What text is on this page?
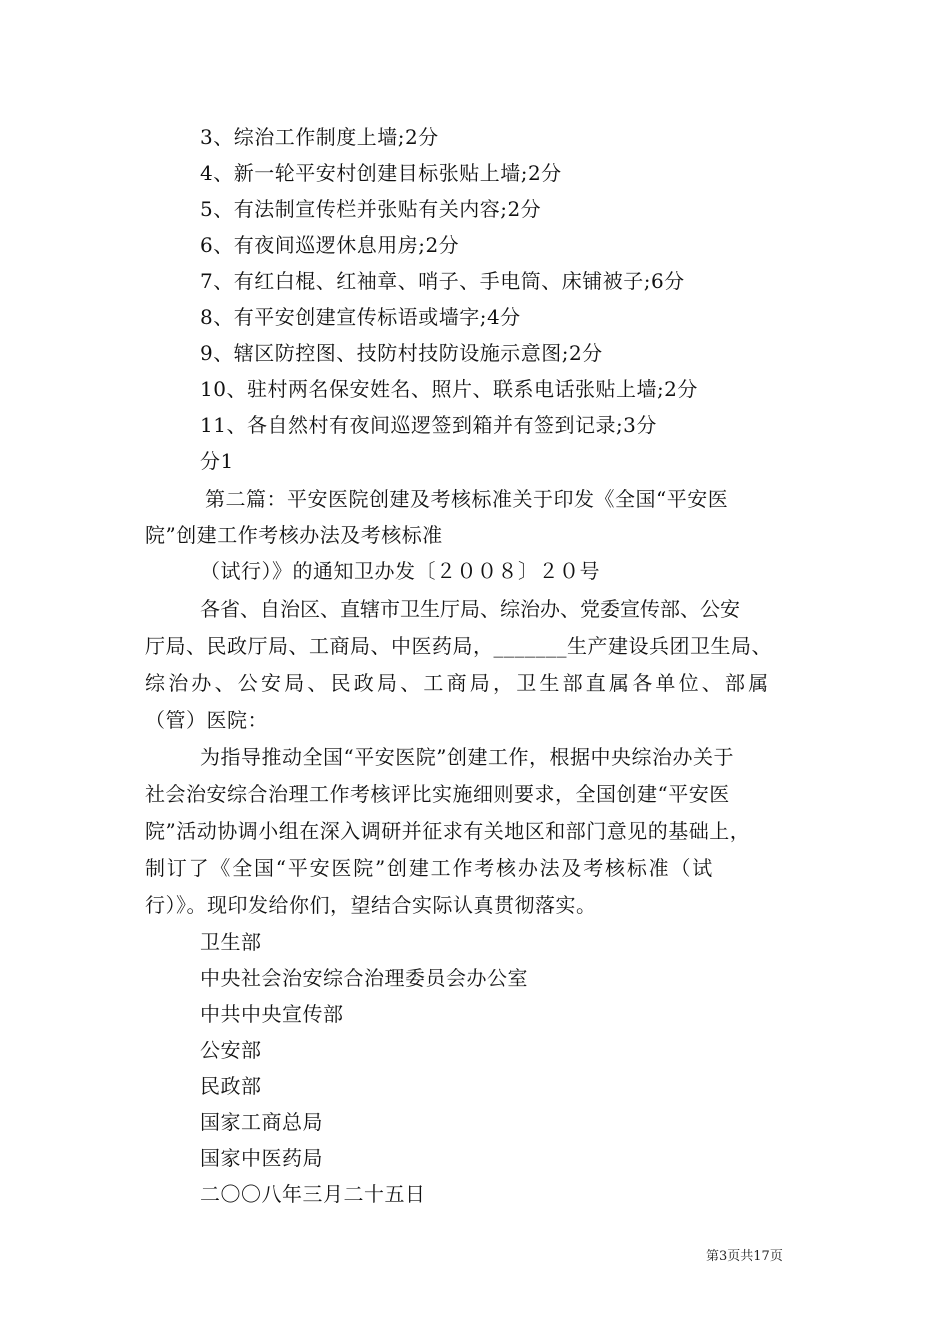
3、综治工作制度上墙;2分
4、新一轮平安村创建目标张贴上墙;2分
5、有法制宣传栏并张贴有关内容;2分
6、有夜间巡逻休息用房;2分
7、有红白棍、红袖章、哨子、手电筒、床铺被子;6分
8、有平安创建宣传标语或墙字;4分
9、辖区防控图、技防村技防设施示意图;2分
10、驻村两名保安姓名、照片、联系电话张贴上墙;2分
11、各自然村有夜间巡逻签到箱并有签到记录;3分
分1
第二篇：平安医院创建及考核标准关于印发《全国“平安医
院”创建工作考核办法及考核标准
（试行）》的通知卫办发〔２００８〕２０号
各省、自治区、直辖市卫生厅局、综治办、党委宣传部、公安
厅局、民政厅局、工商局、中医药局，_______生产建设兵团卫生局、
综治办、公安局、民政局、工商局，卫生部直属各单位、部属
（管）医院：
为指导推动全国“平安医院”创建工作，根据中央综治办关于
社会治安综合治理工作考核评比实施细则要求，全国创建“平安医
院”活动协调小组在深入调研并征求有关地区和部门意见的基础上，
制订了《全国“平安医院”创建工作考核办法及考核标准（试
行）》。现印发给你们，望结合实际认真贯彻落实。
卫生部
中央社会治安综合治理委员会办公室
中共中央宣传部
公安部
民政部
国家工商总局
国家中医药局
二〇〇八年三月二十五日
第3页共17页
